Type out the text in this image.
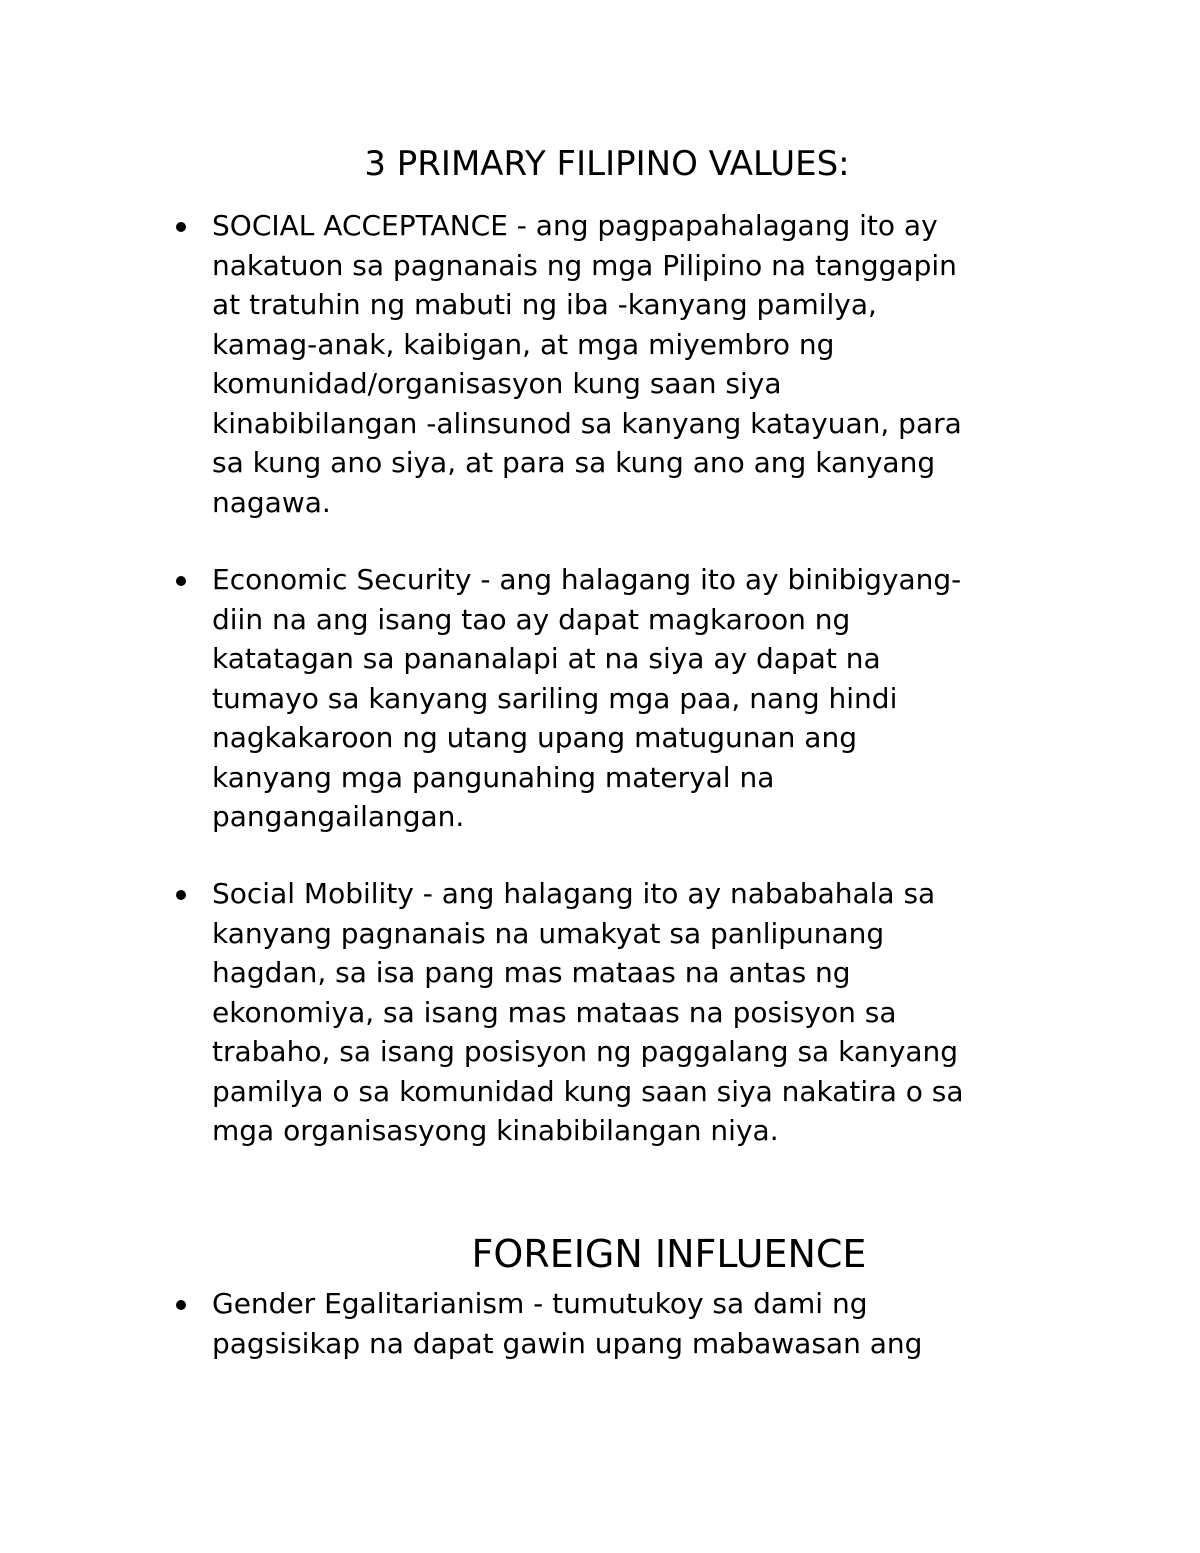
3 PRIMARY FILIPINO VALUES:

SOCIAL ACCEPTANCE - ang pagpapahalagang ito ay
nakatuon sa pagnanais ng mga Pilipino na tanggapin
at tratuhin ng mabuti ng iba -kanyang pamilya,
kamag-anak, kaibigan, at mga miyembro ng
komunidad/organisasyon kung saan siya
kinabibilangan -alinsunod sa kanyang katayuan, para
sa kung ano siya, at para sa kung ano ang kanyang
nagawa.

Economic Security - ang halagang ito ay binibigyang-
diin na ang isang tao ay dapat magkaroon ng
katatagan sa pananalapi at na siya ay dapat na
tumayo sa kanyang sariling mga paa, nang hindi
nagkakaroon ng utang upang matugunan ang
kanyang mga pangunahing materyal na
pangangailangan.

Social Mobility - ang halagang ito ay nababahala sa
kanyang pagnanais na umakyat sa panlipunang
hagdan, sa isa pang mas mataas na antas ng
ekonomiya, sa isang mas mataas na posisyon sa
trabaho, sa isang posisyon ng paggalang sa kanyang
pamilya o sa komunidad kung saan siya nakatira o sa
mga organisasyong kinabibilangan niya.

FOREIGN INFLUENCE

Gender Egalitarianism - tumutukoy sa dami ng
pagsisikap na dapat gawin upang mabawasan ang
